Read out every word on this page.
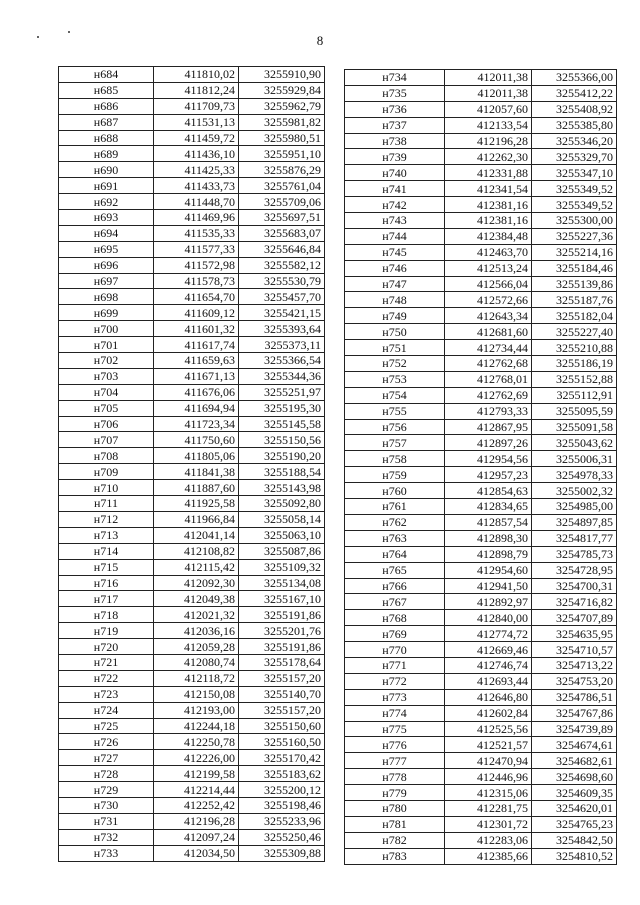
8
н684	411810,02	3255910,90
н685	411812,24	3255929,84
н686	411709,73	3255962,79
н687	411531,13	3255981,82
н688	411459,72	3255980,51
н689	411436,10	3255951,10
н690	411425,33	3255876,29
н691	411433,73	3255761,04
н692	411448,70	3255709,06
н693	411469,96	3255697,51
н694	411535,33	3255683,07
н695	411577,33	3255646,84
н696	411572,98	3255582,12
н697	411578,73	3255530,79
н698	411654,70	3255457,70
н699	411609,12	3255421,15
н700	411601,32	3255393,64
н701	411617,74	3255373,11
н702	411659,63	3255366,54
н703	411671,13	3255344,36
н704	411676,06	3255251,97
н705	411694,94	3255195,30
н706	411723,34	3255145,58
н707	411750,60	3255150,56
н708	411805,06	3255190,20
н709	411841,38	3255188,54
н710	411887,60	3255143,98
н711	411925,58	3255092,80
н712	411966,84	3255058,14
н713	412041,14	3255063,10
н714	412108,82	3255087,86
н715	412115,42	3255109,32
н716	412092,30	3255134,08
н717	412049,38	3255167,10
н718	412021,32	3255191,86
н719	412036,16	3255201,76
н720	412059,28	3255191,86
н721	412080,74	3255178,64
н722	412118,72	3255157,20
н723	412150,08	3255140,70
н724	412193,00	3255157,20
н725	412244,18	3255150,60
н726	412250,78	3255160,50
н727	412226,00	3255170,42
н728	412199,58	3255183,62
н729	412214,44	3255200,12
н730	412252,42	3255198,46
н731	412196,28	3255233,96
н732	412097,24	3255250,46
н733	412034,50	3255309,88
н734	412011,38	3255366,00
н735	412011,38	3255412,22
н736	412057,60	3255408,92
н737	412133,54	3255385,80
н738	412196,28	3255346,20
н739	412262,30	3255329,70
н740	412331,88	3255347,10
н741	412341,54	3255349,52
н742	412381,16	3255349,52
н743	412381,16	3255300,00
н744	412384,48	3255227,36
н745	412463,70	3255214,16
н746	412513,24	3255184,46
н747	412566,04	3255139,86
н748	412572,66	3255187,76
н749	412643,34	3255182,04
н750	412681,60	3255227,40
н751	412734,44	3255210,88
н752	412762,68	3255186,19
н753	412768,01	3255152,88
н754	412762,69	3255112,91
н755	412793,33	3255095,59
н756	412867,95	3255091,58
н757	412897,26	3255043,62
н758	412954,56	3255006,31
н759	412957,23	3254978,33
н760	412854,63	3255002,32
н761	412834,65	3254985,00
н762	412857,54	3254897,85
н763	412898,30	3254817,77
н764	412898,79	3254785,73
н765	412954,60	3254728,95
н766	412941,50	3254700,31
н767	412892,97	3254716,82
н768	412840,00	3254707,89
н769	412774,72	3254635,95
н770	412669,46	3254710,57
н771	412746,74	3254713,22
н772	412693,44	3254753,20
н773	412646,80	3254786,51
н774	412602,84	3254767,86
н775	412525,56	3254739,89
н776	412521,57	3254674,61
н777	412470,94	3254682,61
н778	412446,96	3254698,60
н779	412315,06	3254609,35
н780	412281,75	3254620,01
н781	412301,72	3254765,23
н782	412283,06	3254842,50
н783	412385,66	3254810,52
